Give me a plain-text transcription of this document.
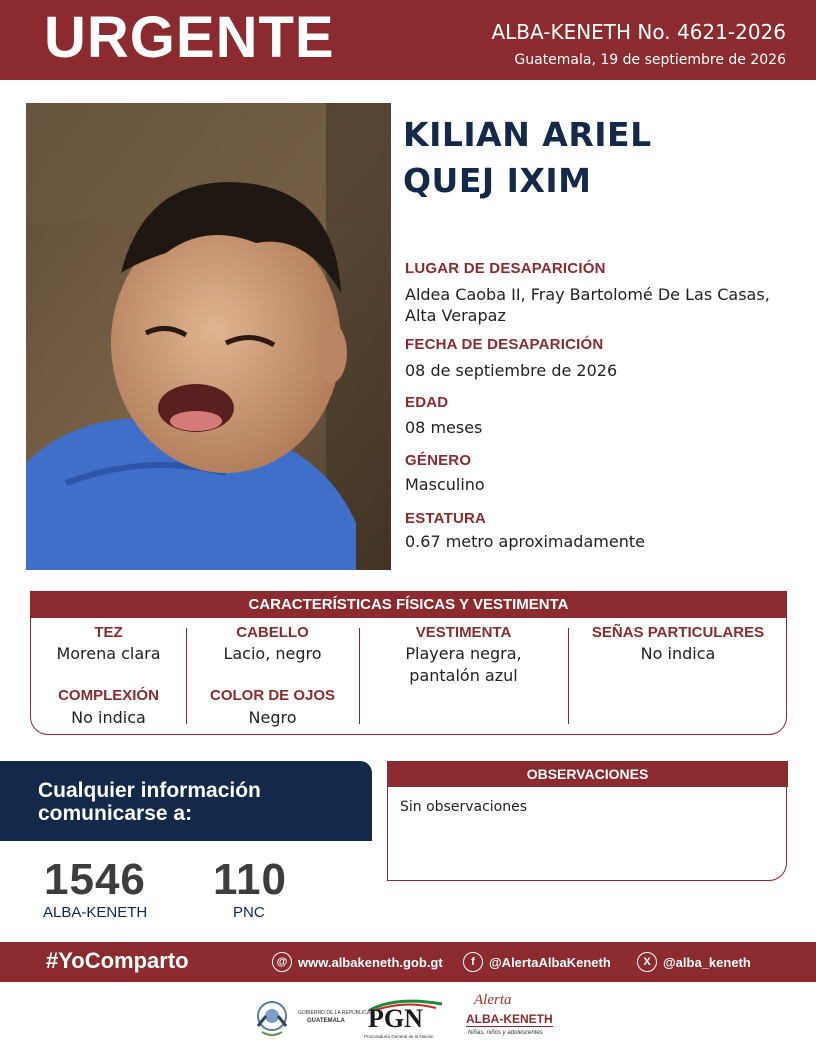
URGENTE	ALBA-KENETH No. 4621-2026
Guatemala, 19 de septiembre de 2026
KILIAN ARIEL
QUEJ IXIM
LUGAR DE DESAPARICIÓN
Aldea Caoba II, Fray Bartolomé De Las Casas,
Alta Verapaz
FECHA DE DESAPARICIÓN
08 de septiembre de 2026
EDAD
08 meses
GÉNERO
Masculino
ESTATURA
0.67 metro aproximadamente
CARACTERÍSTICAS FÍSICAS Y VESTIMENTA
TEZ
Morena clara
COMPLEXIÓN
No indica
CABELLO
Lacio, negro
COLOR DE OJOS
Negro
VESTIMENTA
Playera negra,
pantalón azul
SEÑAS PARTICULARES
No indica
Cualquier información
comunicarse a:
1546
ALBA-KENETH
110
PNC
OBSERVACIONES
Sin observaciones
#YoComparto	@ www.albakeneth.gob.gt	f	@AlertaAlbaKeneth	X @alba_keneth
GOBIERNO DE LA REPÚBLICA
GUATEMALA PGN
Procuraduría General de la Nación
Alerta
ALBA-KENETH
Niñas, niños y adolescentes
